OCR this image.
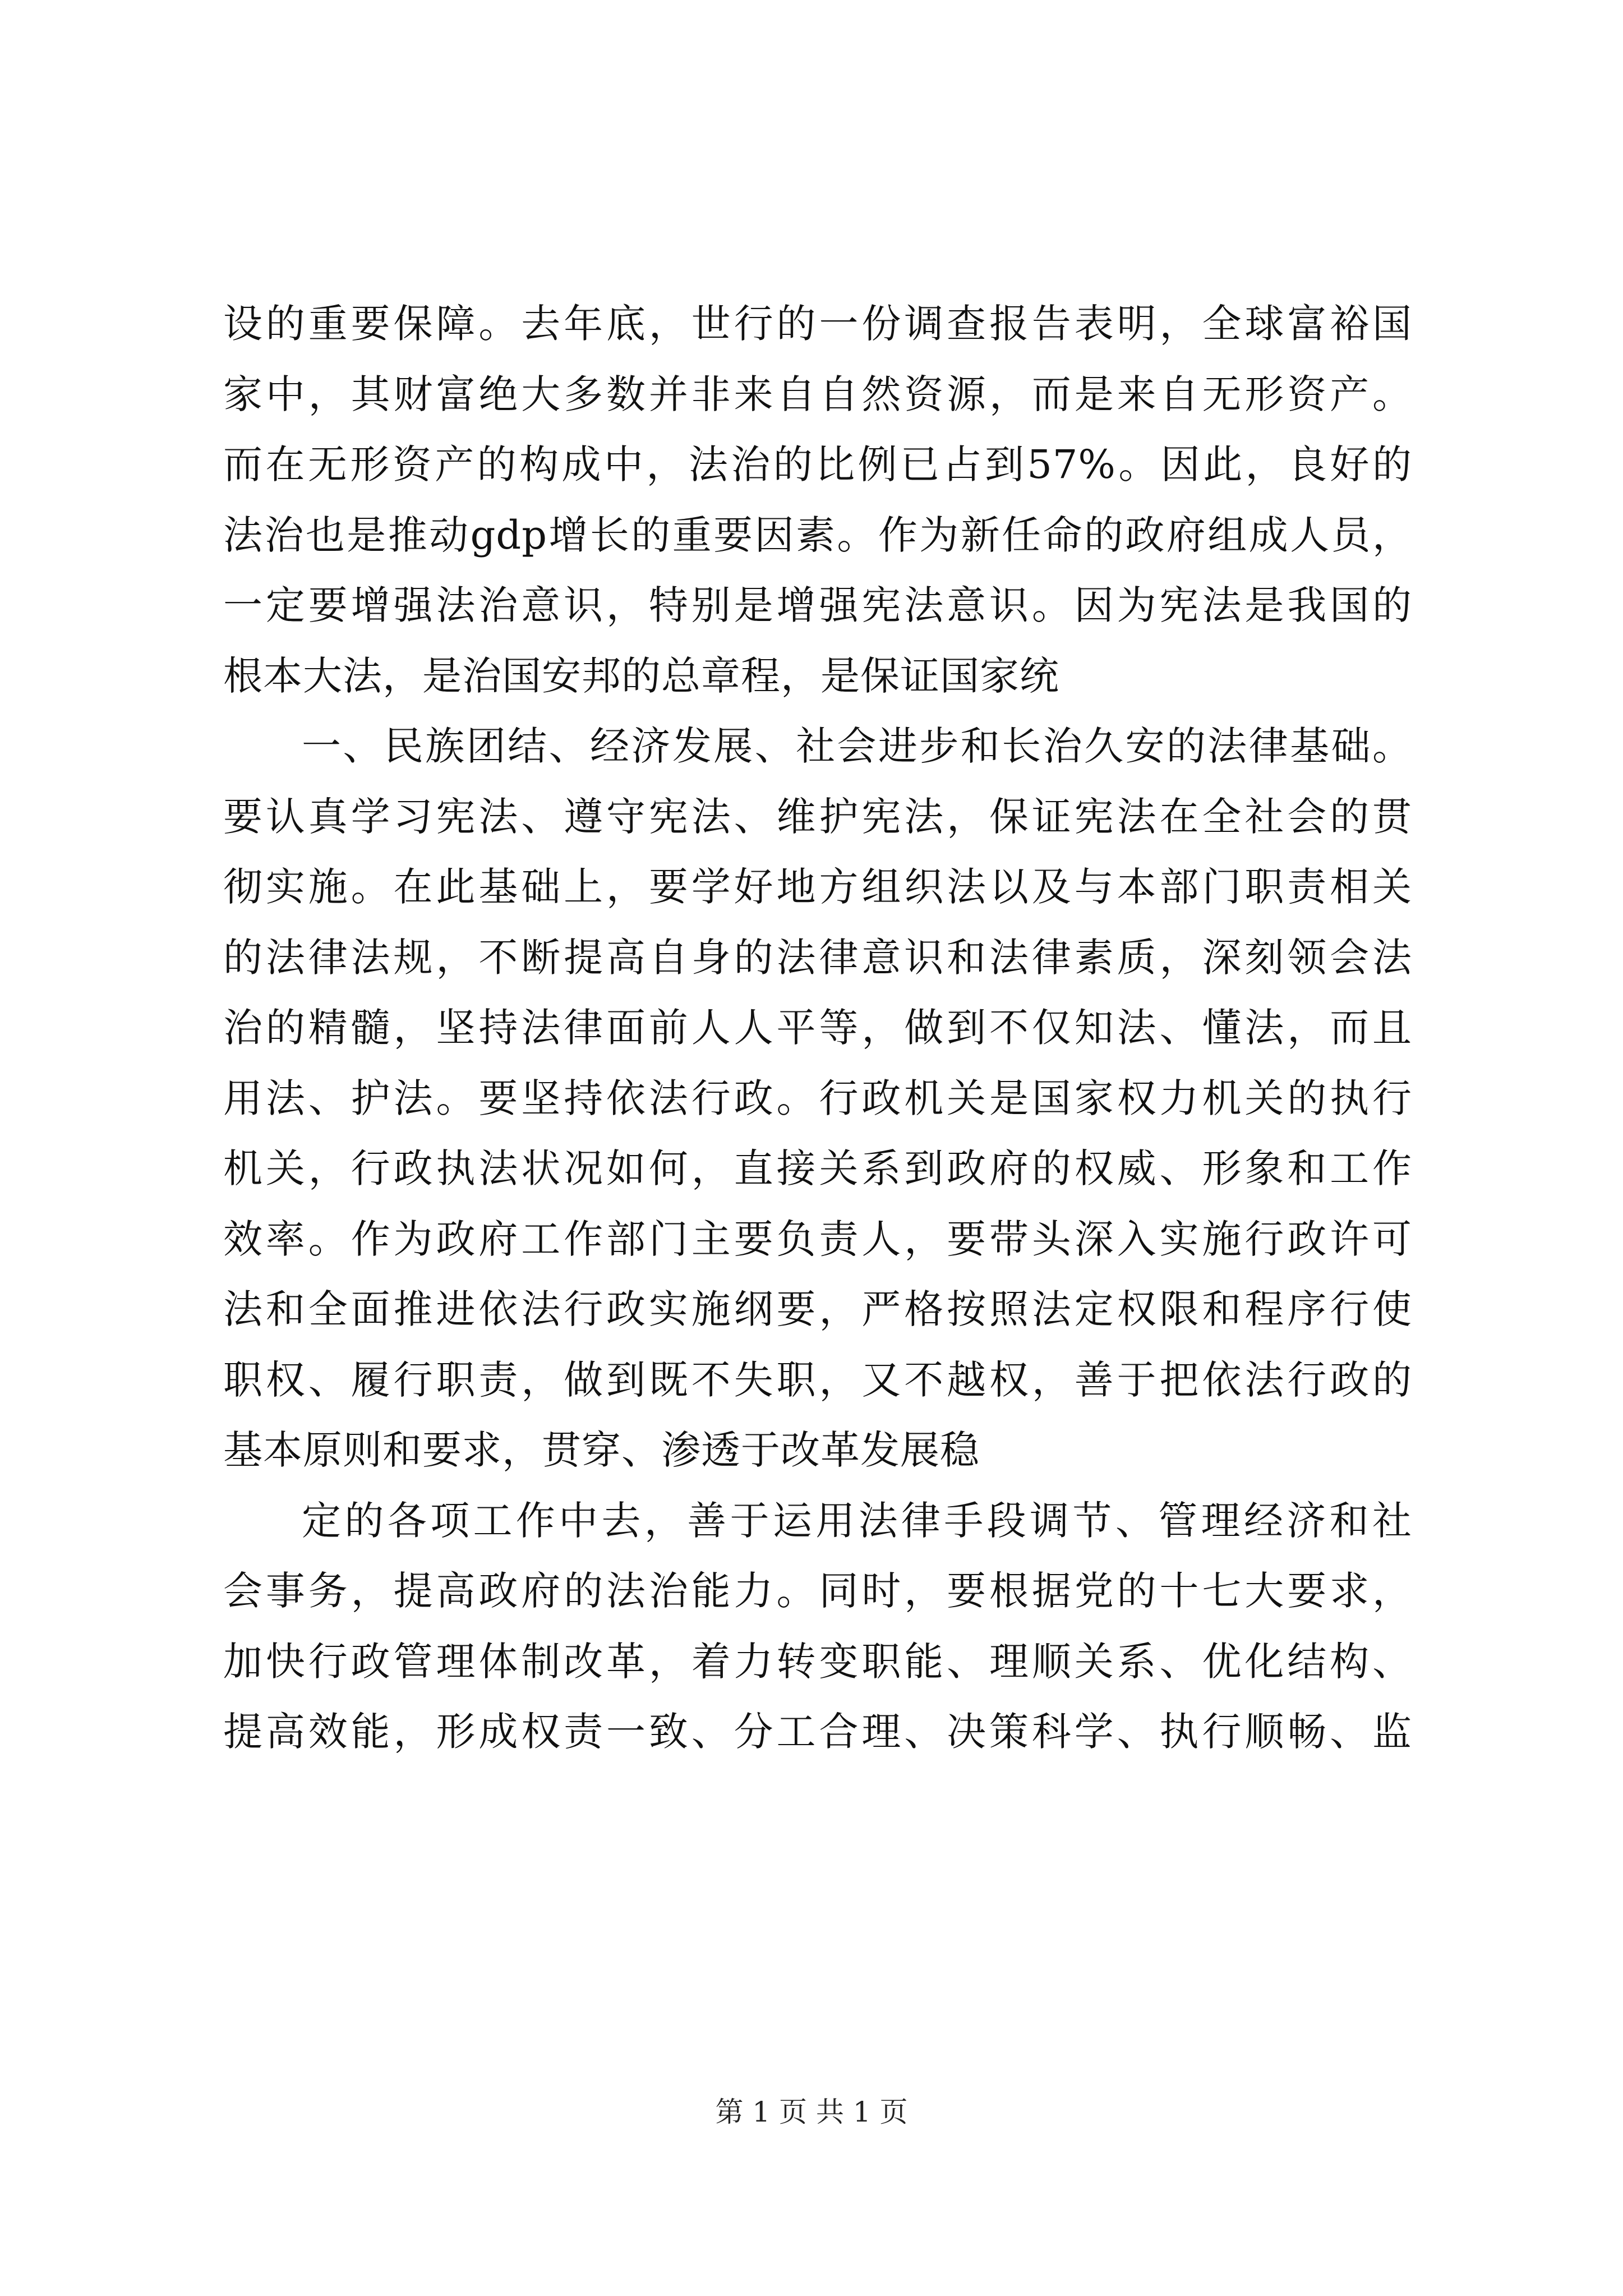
设的重要保障。去年底，世行的一份调查报告表明，全球富裕国
家中，其财富绝大多数并非来自自然资源，而是来自无形资产。
而在无形资产的构成中，法治的比例已占到57%。因此，良好的
法治也是推动gdp增长的重要因素。作为新任命的政府组成人员，
一定要增强法治意识，特别是增强宪法意识。因为宪法是我国的
根本大法，是治国安邦的总章程，是保证国家统
一、民族团结、经济发展、社会进步和长治久安的法律基础。
要认真学习宪法、遵守宪法、维护宪法，保证宪法在全社会的贯
彻实施。在此基础上，要学好地方组织法以及与本部门职责相关
的法律法规，不断提高自身的法律意识和法律素质，深刻领会法
治的精髓，坚持法律面前人人平等，做到不仅知法、懂法，而且
用法、护法。要坚持依法行政。行政机关是国家权力机关的执行
机关，行政执法状况如何，直接关系到政府的权威、形象和工作
效率。作为政府工作部门主要负责人，要带头深入实施行政许可
法和全面推进依法行政实施纲要，严格按照法定权限和程序行使
职权、履行职责，做到既不失职，又不越权，善于把依法行政的
基本原则和要求，贯穿、渗透于改革发展稳
定的各项工作中去，善于运用法律手段调节、管理经济和社
会事务，提高政府的法治能力。同时，要根据党的十七大要求，
加快行政管理体制改革，着力转变职能、理顺关系、优化结构、
提高效能，形成权责一致、分工合理、决策科学、执行顺畅、监
第 1 页 共 1 页
